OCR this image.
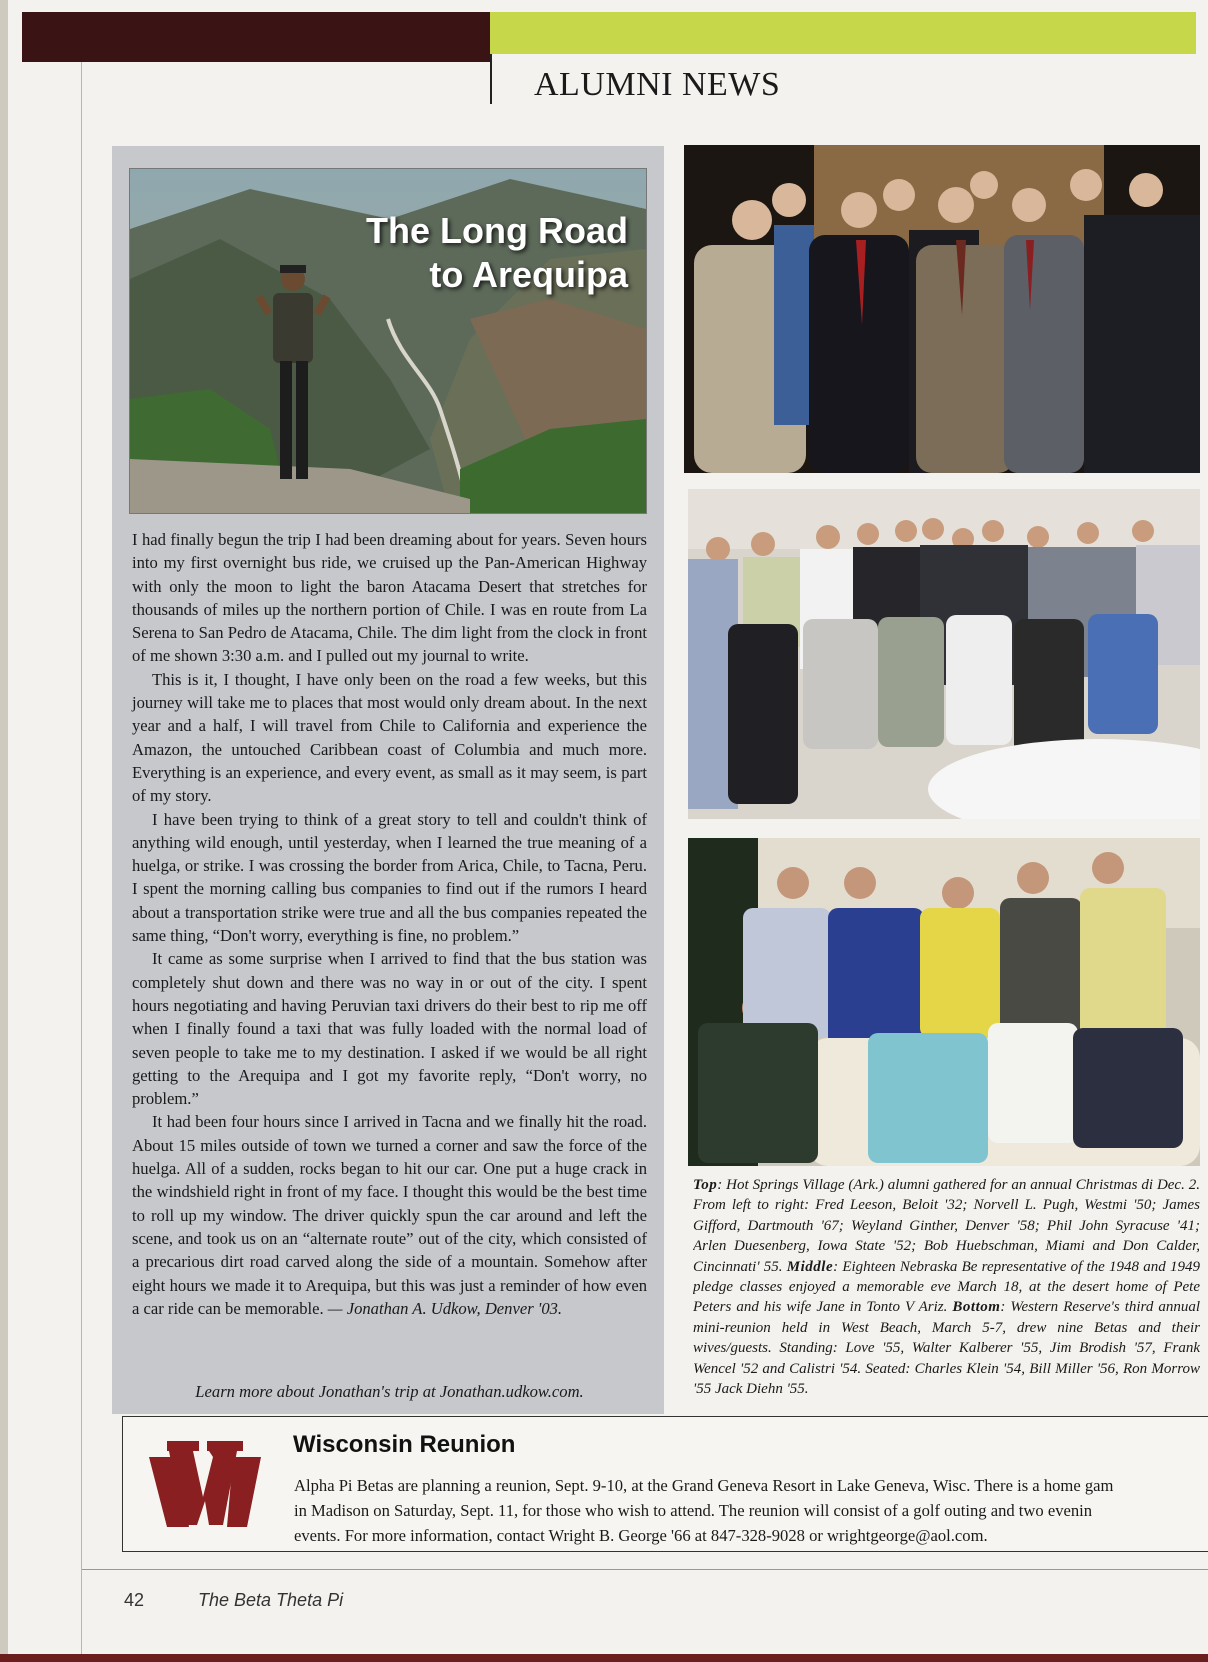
ALUMNI NEWS
The Long Road
to Arequipa

I had finally begun the trip I had been dreaming about for years. Seven hours into my first overnight bus ride, we cruised up the Pan-American Highway with only the moon to light the baron Atacama Desert that stretches for thousands of miles up the northern portion of Chile. I was en route from La Serena to San Pedro de Atacama, Chile. The dim light from the clock in front of me shown 3:30 a.m. and I pulled out my journal to write.

This is it, I thought, I have only been on the road a few weeks, but this journey will take me to places that most would only dream about. In the next year and a half, I will travel from Chile to California and experience the Amazon, the untouched Caribbean coast of Columbia and much more. Everything is an experience, and every event, as small as it may seem, is part of my story.

I have been trying to think of a great story to tell and couldn't think of anything wild enough, until yesterday, when I learned the true meaning of a huelga, or strike. I was crossing the border from Arica, Chile, to Tacna, Peru. I spent the morning calling bus companies to find out if the rumors I heard about a transportation strike were true and all the bus companies repeated the same thing, “Don't worry, everything is fine, no problem.”

It came as some surprise when I arrived to find that the bus station was completely shut down and there was no way in or out of the city. I spent hours negotiating and having Peruvian taxi drivers do their best to rip me off when I finally found a taxi that was fully loaded with the normal load of seven people to take me to my destination. I asked if we would be all right getting to the Arequipa and I got my favorite reply, “Don't worry, no problem.”

It had been four hours since I arrived in Tacna and we finally hit the road. About 15 miles outside of town we turned a corner and saw the force of the huelga. All of a sudden, rocks began to hit our car. One put a huge crack in the windshield right in front of my face. I thought this would be the best time to roll up my window. The driver quickly spun the car around and left the scene, and took us on an “alternate route” out of the city, which consisted of a precarious dirt road carved along the side of a mountain. Somehow after eight hours we made it to Arequipa, but this was just a reminder of how even a car ride can be memorable. — Jonathan A. Udkow, Denver '03.

Learn more about Jonathan's trip at Jonathan.udkow.com.
Top: Hot Springs Village (Ark.) alumni gathered for an annual Christmas di Dec. 2. From left to right: Fred Leeson, Beloit '32; Norvell L. Pugh, Westmi '50; James Gifford, Dartmouth '67; Weyland Ginther, Denver '58; Phil John Syracuse '41; Arlen Duesenberg, Iowa State '52; Bob Huebschman, Miami and Don Calder, Cincinnati' 55. Middle: Eighteen Nebraska Be representative of the 1948 and 1949 pledge classes enjoyed a memorable eve March 18, at the desert home of Pete Peters and his wife Jane in Tonto V Ariz. Bottom: Western Reserve's third annual mini-reunion held in West Beach, March 5-7, drew nine Betas and their wives/guests. Standing: Love '55, Walter Kalberer '55, Jim Brodish '57, Frank Wencel '52 and Calistri '54. Seated: Charles Klein '54, Bill Miller '56, Ron Morrow '55 Jack Diehn '55.
Wisconsin Reunion
Alpha Pi Betas are planning a reunion, Sept. 9-10, at the Grand Geneva Resort in Lake Geneva, Wisc. There is a home gam
in Madison on Saturday, Sept. 11, for those who wish to attend. The reunion will consist of a golf outing and two evenin
events. For more information, contact Wright B. George '66 at 847-328-9028 or wrightgeorge@aol.com.
42	The Beta Theta Pi
